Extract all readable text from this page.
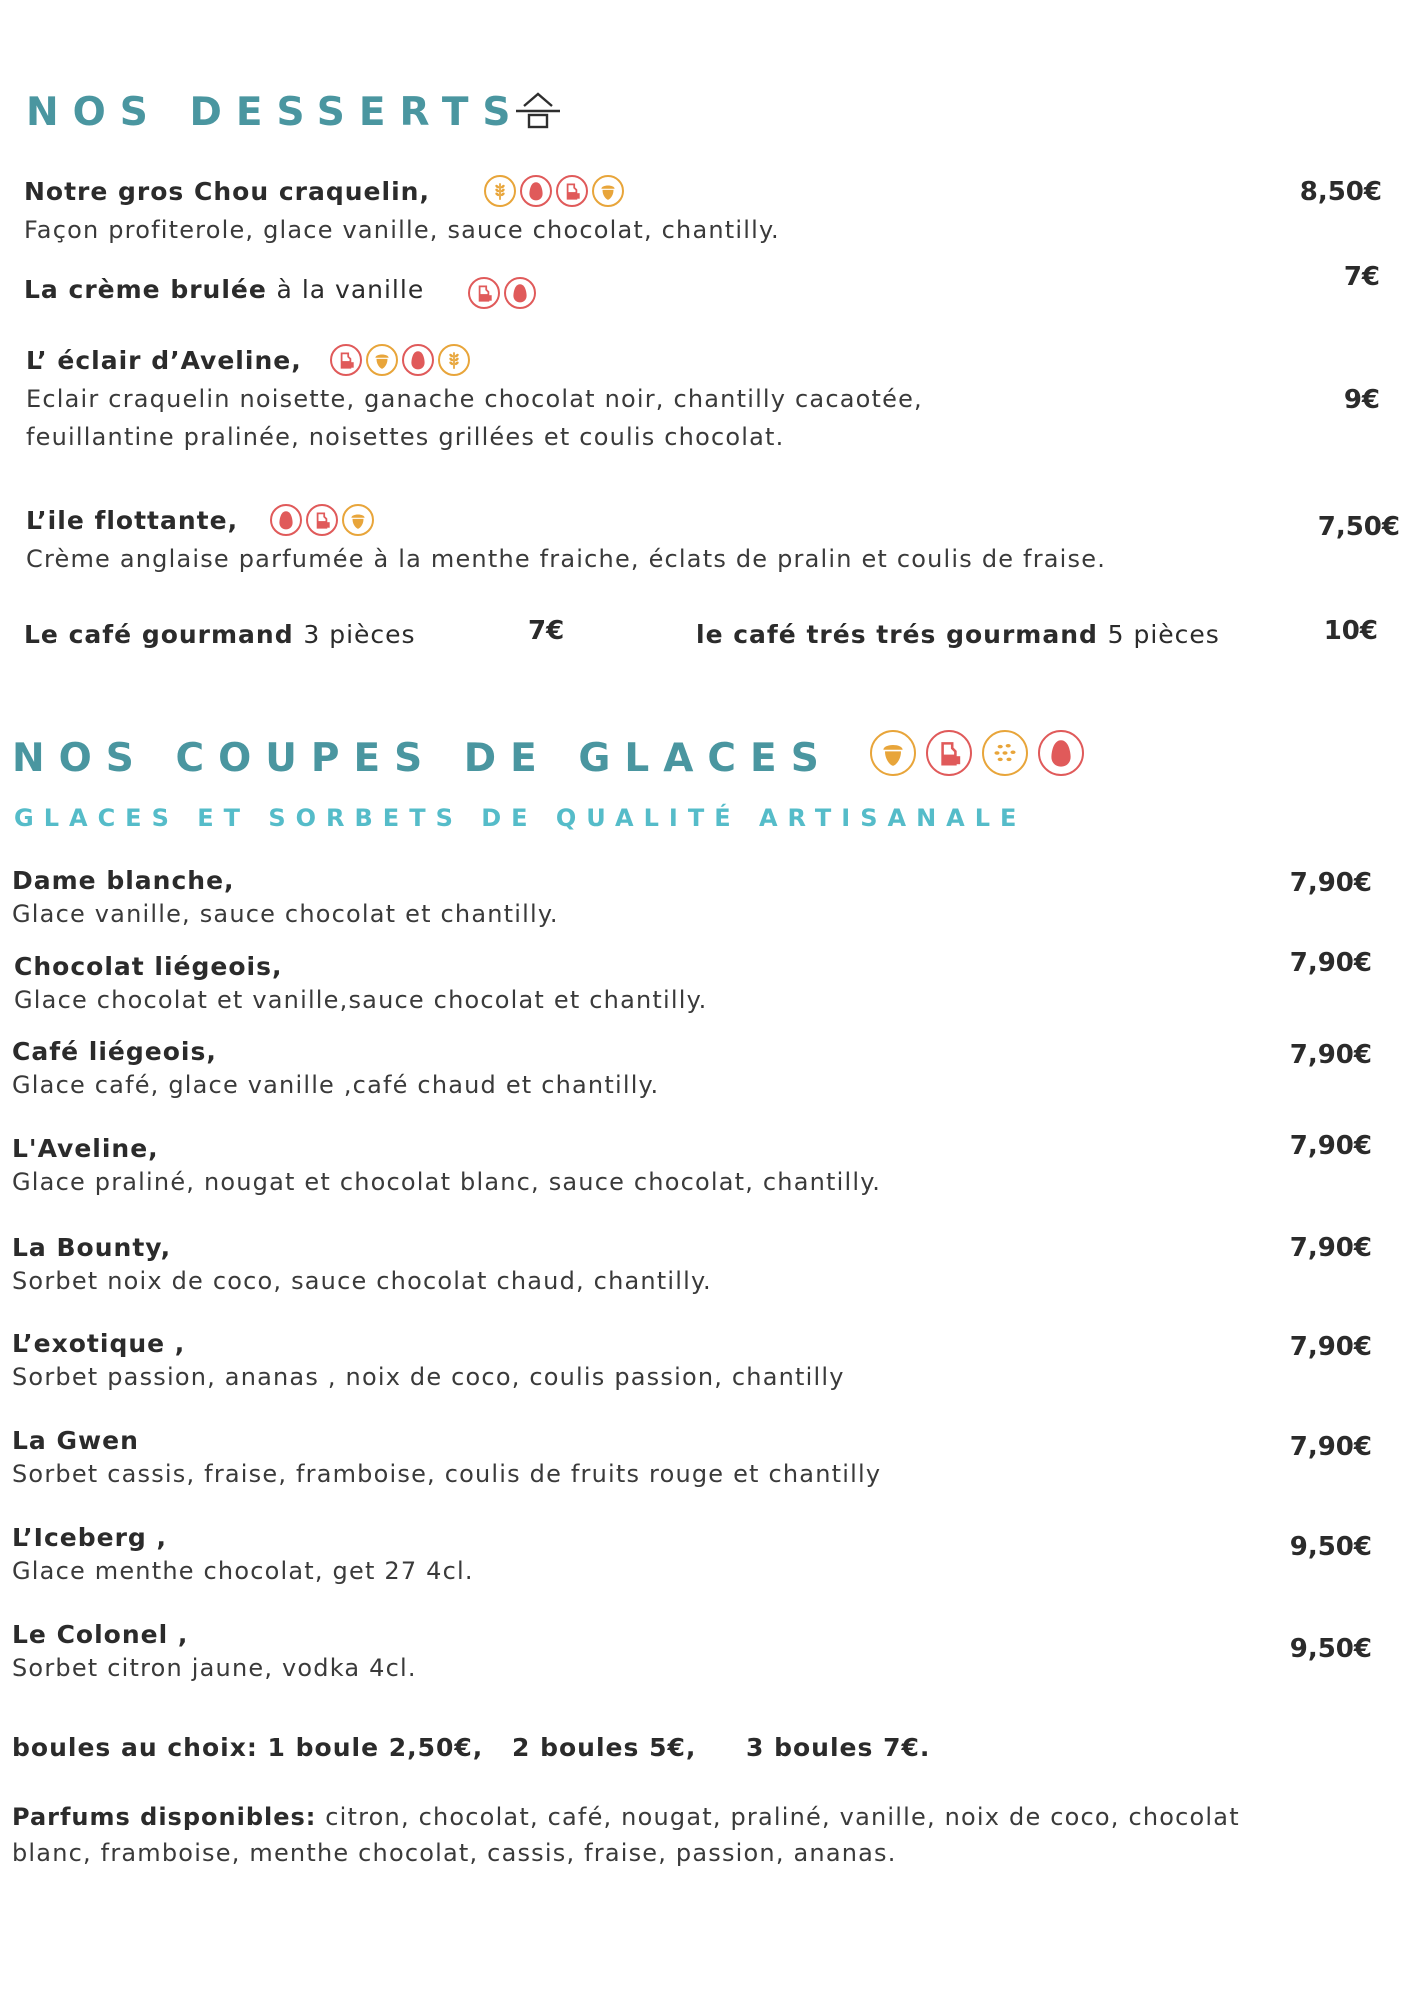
NOS DESSERTS
Notre gros Chou craquelin,
Façon profiterole, glace vanille, sauce chocolat, chantilly.
8,50€
La crème brulée à la vanille	7€
L’ éclair d’Aveline,
Eclair craquelin noisette, ganache chocolat noir, chantilly cacaotée,
feuillantine pralinée, noisettes grillées et coulis chocolat.
9€
L’ile flottante,
Crème anglaise parfumée à la menthe fraiche, éclats de pralin et coulis de fraise.
7,50€
Le café gourmand 3 pièces	7€	le café trés trés gourmand 5 pièces	10€
NOS COUPES DE GLACES
GLACES ET SORBETS DE QUALITÉ ARTISANALE
Dame blanche,
Glace vanille, sauce chocolat et chantilly.
7,90€
Chocolat liégeois,
Glace chocolat et vanille,sauce chocolat et chantilly.
7,90€
Café liégeois,
Glace café, glace vanille ,café chaud et chantilly.
7,90€
L'Aveline,
Glace praliné, nougat et chocolat blanc, sauce chocolat, chantilly.
7,90€
La Bounty,
Sorbet noix de coco, sauce chocolat chaud, chantilly.
7,90€
L’exotique ,
Sorbet passion, ananas , noix de coco, coulis passion, chantilly
7,90€
La Gwen
Sorbet cassis, fraise, framboise, coulis de fruits rouge et chantilly
7,90€
L’Iceberg ,
Glace menthe chocolat, get 27 4cl.
9,50€
Le Colonel ,
Sorbet citron jaune, vodka 4cl.
9,50€
boules au choix: 1 boule 2,50€, 2 boules 5€, 3 boules 7€.
Parfums disponibles: citron, chocolat, café, nougat, praliné, vanille, noix de coco, chocolat
blanc, framboise, menthe chocolat, cassis, fraise, passion, ananas.
